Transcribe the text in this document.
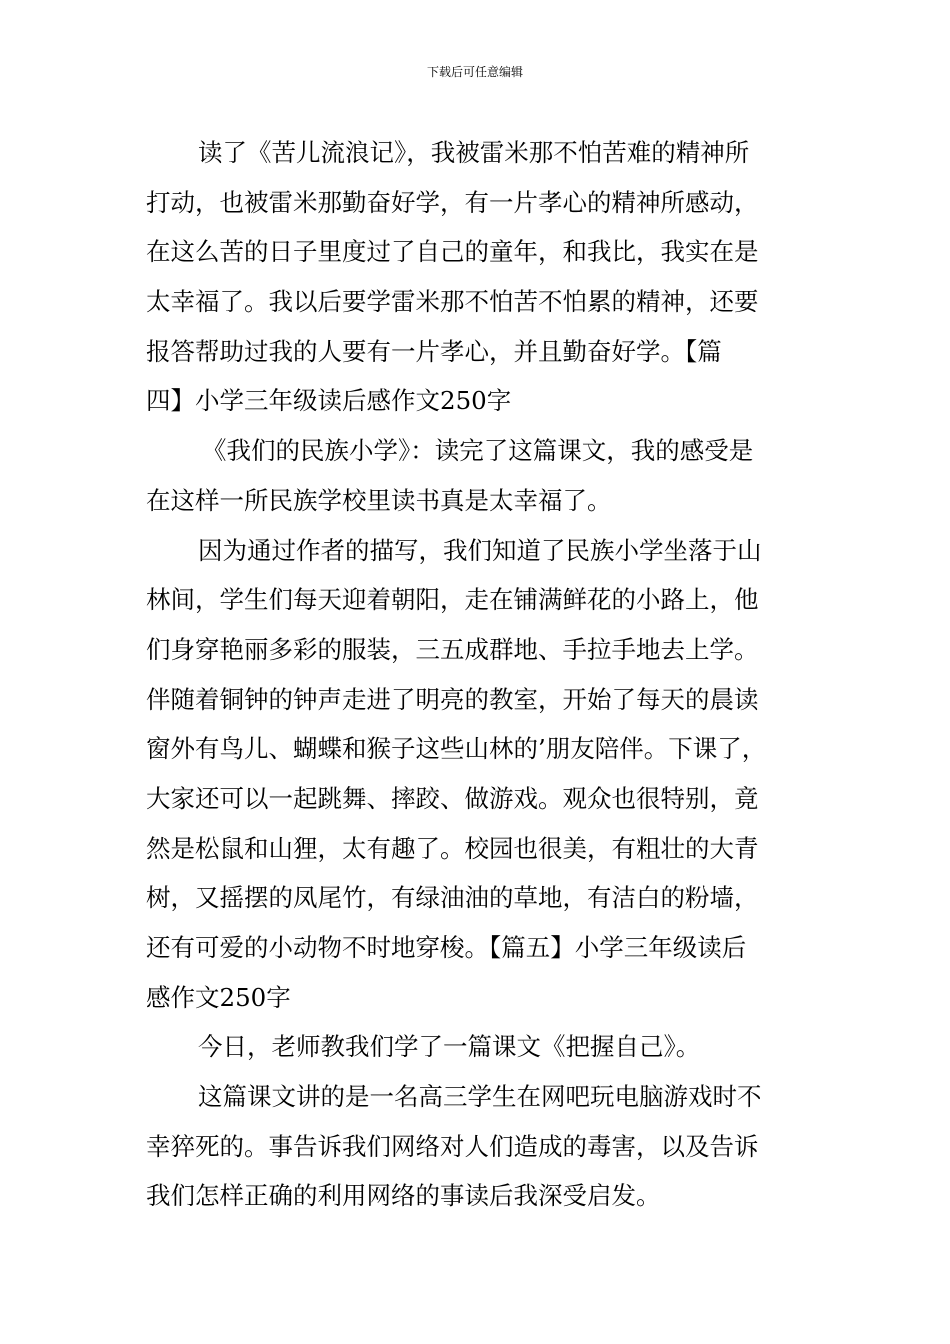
下载后可任意编辑
读了《苦儿流浪记》，我被雷米那不怕苦难的精神所
打动，也被雷米那勤奋好学，有一片孝心的精神所感动，
在这么苦的日子里度过了自己的童年，和我比，我实在是
太幸福了。我以后要学雷米那不怕苦不怕累的精神，还要
报答帮助过我的人要有一片孝心，并且勤奋好学。【篇
四】小学三年级读后感作文250字
《我们的民族小学》：读完了这篇课文，我的感受是
在这样一所民族学校里读书真是太幸福了。
因为通过作者的描写，我们知道了民族小学坐落于山
林间，学生们每天迎着朝阳，走在铺满鲜花的小路上，他
们身穿艳丽多彩的服装，三五成群地、手拉手地去上学。
伴随着铜钟的钟声走进了明亮的教室，开始了每天的晨读
窗外有鸟儿、蝴蝶和猴子这些山林的’朋友陪伴。下课了，
大家还可以一起跳舞、摔跤、做游戏。观众也很特别，竟
然是松鼠和山狸，太有趣了。校园也很美，有粗壮的大青
树，又摇摆的凤尾竹，有绿油油的草地，有洁白的粉墙，
还有可爱的小动物不时地穿梭。【篇五】小学三年级读后
感作文250字
今日，老师教我们学了一篇课文《把握自己》。
这篇课文讲的是一名高三学生在网吧玩电脑游戏时不
幸猝死的。事告诉我们网络对人们造成的毒害，以及告诉
我们怎样正确的利用网络的事读后我深受启发。
